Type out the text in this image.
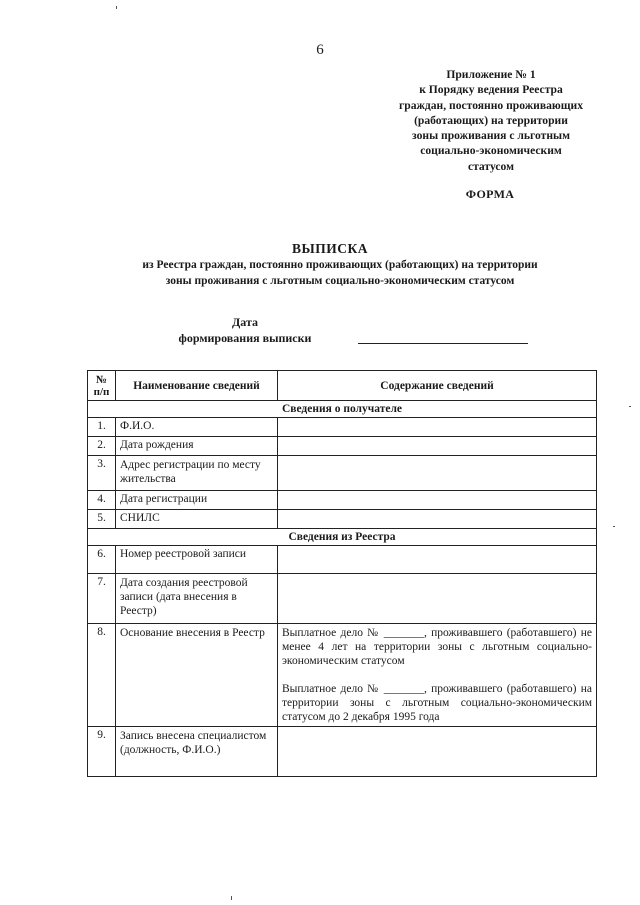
6
Приложение № 1
к Порядку ведения Реестра
граждан, постоянно проживающих
(работающих) на территории
зоны проживания с льготным
социально-экономическим
статусом
ФОРМА
ВЫПИСКА
из Реестра граждан, постоянно проживающих (работающих) на территории
зоны проживания с льготным социально-экономическим статусом
Дата
формирования выписки
№
п/п	Наименование сведений	Содержание сведений
Сведения о получателе		
1.	Ф.И.О.	
2.	Дата рождения	
3.	Адрес регистрации по месту жительства	
4.	Дата регистрации	
5.	СНИЛС	
Сведения из Реестра		
6.	Номер реестровой записи	
7.	Дата создания реестровой записи (дата внесения в Реестр)	
8.	Основание внесения в Реестр	Выплатное дело № _______, проживавшего (работавшего) не менее 4 лет на территории зоны с льготным социально-экономическим статусом
Выплатное дело № _______, проживавшего (работавшего) на территории зоны с льготным социально-экономическим статусом до 2 декабря 1995 года

9.	Запись внесена специалистом (должность, Ф.И.О.)	
